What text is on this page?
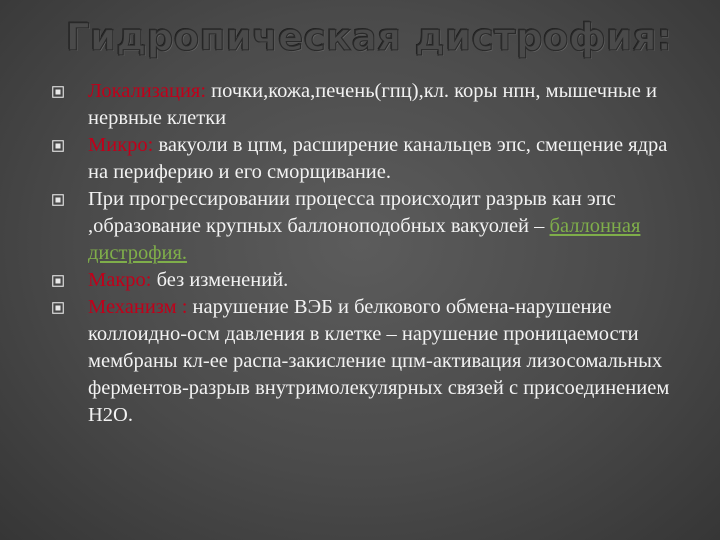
Гидропическая дистрофия:
Локализация: почки,кожа,печень(гпц),кл. коры нпн, мышечные и нервные клетки
Микро: вакуоли в цпм, расширение канальцев эпс, смещение ядра на периферию и его сморщивание.
При прогрессировании процесса происходит разрыв кан эпс ,образование крупных баллоноподобных вакуолей – баллонная дистрофия.
Макро: без изменений.
Механизм : нарушение ВЭБ и белкового обмена-нарушение коллоидно-осм давления в клетке – нарушение проницаемости мембраны кл-ее распа-закисление цпм-активация лизосомальных ферментов-разрыв внутримолекулярных связей с присоединением Н2О.
